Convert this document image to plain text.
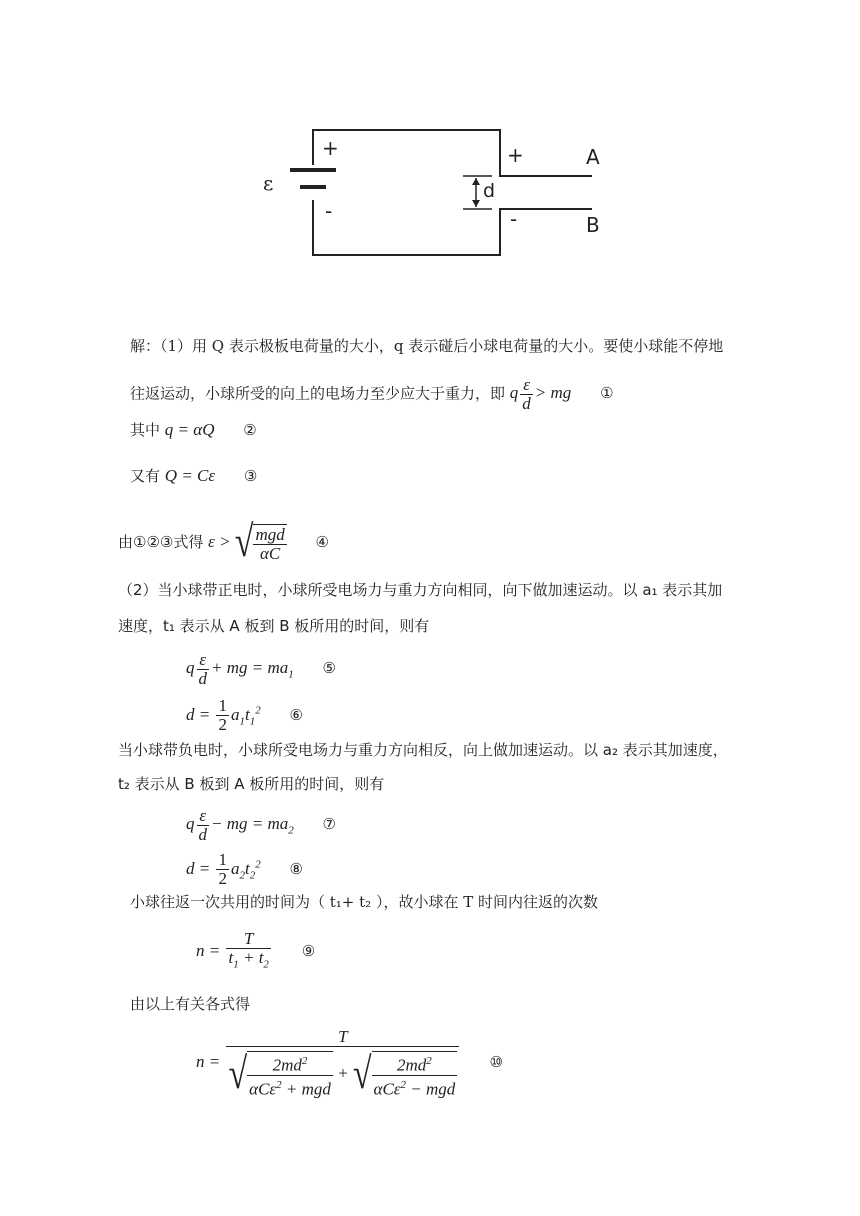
ε
+
-
+
-
d
A
B
解：（1）用 Q 表示极板电荷量的大小，q 表示碰后小球电荷量的大小。要使小球能不停地
往返运动，小球所受的向上的电场力至少应大于重力，即 q $\frac{\varepsilon}{d}$ > mg ①
其中 q = αQ ②
又有 Q = Cε ③
由①②③式得 ε > √ $\frac{\text{mgd}}{\alpha C}$ ④
（2）当小球带正电时，小球所受电场力与重力方向相同，向下做加速运动。以 a₁ 表示其加
速度，t₁ 表示从 A 板到 B 板所用的时间，则有
q $\frac{\varepsilon}{d}$ + mg = $ma_1$ ⑤
$d = \frac{1}{2} a_1t_1^2$ ⑥
当小球带负电时，小球所受电场力与重力方向相反，向上做加速运动。以 a₂ 表示其加速度，
t₂ 表示从 B 板到 A 板所用的时间，则有
q $\frac{\varepsilon}{d}$ − mg = $ma_2$ ⑦
$d = \frac{1}{2} a_2t_2^2$ ⑧
小球往返一次共用的时间为（ t₁+ t₂ ），故小球在 T 时间内往返的次数
$n = \frac{T}{t_1 + t_2}$ ⑨
由以上有关各式得
$n = \frac{T}{√ \frac{2md^2}{\alpha C\varepsilon^2 + mgd} + √ \frac{2md^2}{\alpha C\varepsilon^2 - mgd}}$ ⑩
